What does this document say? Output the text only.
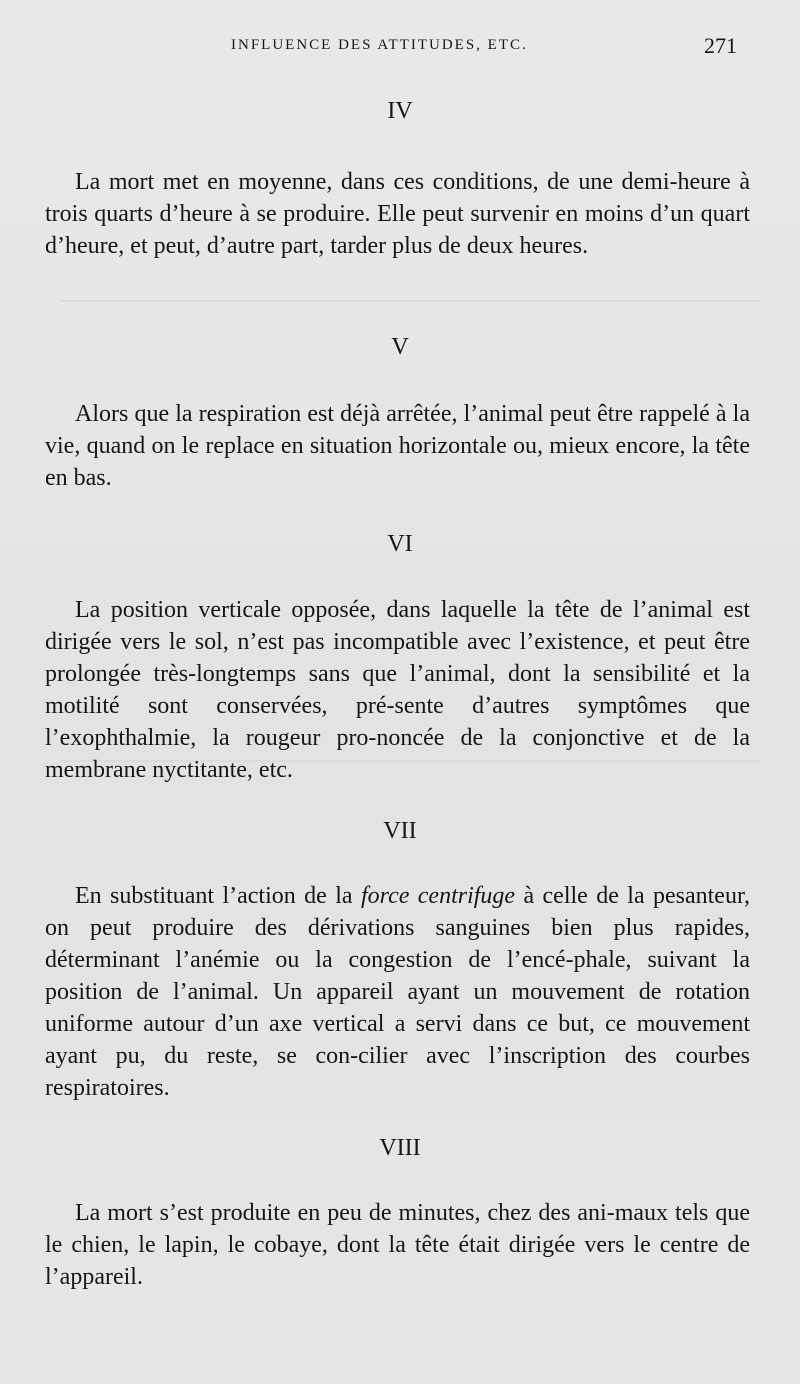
INFLUENCE DES ATTITUDES, ETC.	271
IV

La mort met en moyenne, dans ces conditions, de une demi-heure à trois quarts d’heure à se produire. Elle peut survenir en moins d’un quart d’heure, et peut, d’autre part, tarder plus de deux heures.

V

Alors que la respiration est déjà arrêtée, l’animal peut être rappelé à la vie, quand on le replace en situation horizontale ou, mieux encore, la tête en bas.

VI

La position verticale opposée, dans laquelle la tête de l’animal est dirigée vers le sol, n’est pas incompatible avec l’existence, et peut être prolongée très-longtemps sans que l’animal, dont la sensibilité et la motilité sont conservées, pré-sente d’autres symptômes que l’exophthalmie, la rougeur pro-noncée de la conjonctive et de la membrane nyctitante, etc.

VII

En substituant l’action de la force centrifuge à celle de la pesanteur, on peut produire des dérivations sanguines bien plus rapides, déterminant l’anémie ou la congestion de l’encé-phale, suivant la position de l’animal. Un appareil ayant un mouvement de rotation uniforme autour d’un axe vertical a servi dans ce but, ce mouvement ayant pu, du reste, se con-cilier avec l’inscription des courbes respiratoires.

VIII

La mort s’est produite en peu de minutes, chez des ani-maux tels que le chien, le lapin, le cobaye, dont la tête était dirigée vers le centre de l’appareil.
